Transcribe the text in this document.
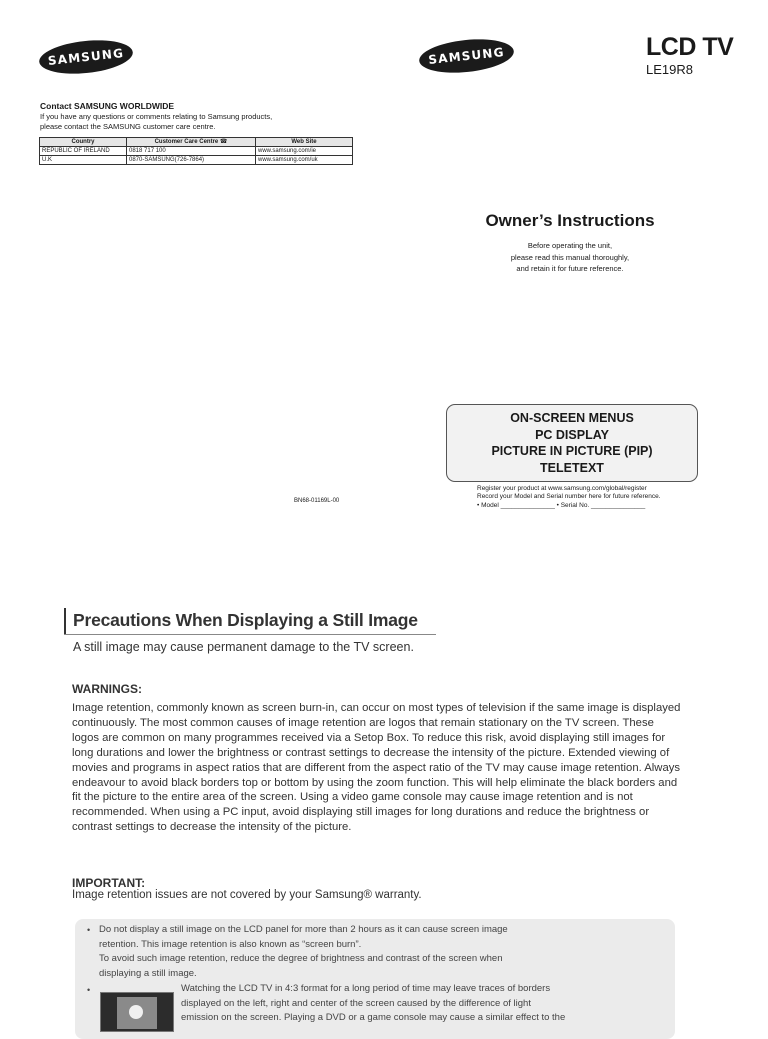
SAMSUNG	SAMSUNG	LCD TV
LE19R8
Contact SAMSUNG WORLDWIDE
If you have any questions or comments relating to Samsung products,
please contact the SAMSUNG customer care centre.
Country	Customer Care Centre ☎	Web Site
REPUBLIC OF IRELAND	0818 717 100	www.samsung.com/ie
U.K	0870-SAMSUNG(726-7864)	www.samsung.com/uk
Owner’s Instructions
Before operating the unit,
please read this manual thoroughly,
and retain it for future reference.
ON-SCREEN MENUS
PC DISPLAY
PICTURE IN PICTURE (PIP)
TELETEXT
Register your product at www.samsung.com/global/register
Record your Model and Serial number here for future reference.
• Model _______________ • Serial No. _______________
BN68-01169L-00
Precautions When Displaying a Still Image
A still image may cause permanent damage to the TV screen.
WARNINGS:
Image retention, commonly known as screen burn-in, can occur on most types of television if the same image is displayed continuously. The most common causes of image retention are logos that remain stationary on the TV screen. These logos are common on many programmes received via a Setop Box. To reduce this risk, avoid displaying still images for long durations and lower the brightness or contrast settings to decrease the intensity of the picture. Extended viewing of movies and programs in aspect ratios that are different from the aspect ratio of the TV may cause image retention. Always endeavour to avoid black borders top or bottom by using the zoom function. This will help eliminate the black borders and fit the picture to the entire area of the screen. Using a video game console may cause image retention and is not recommended. When using a PC input, avoid displaying still images for long durations and reduce the brightness or contrast settings to decrease the intensity of the picture.
IMPORTANT:
Image retention issues are not covered by your Samsung® warranty.
• Do not display a still image on the LCD panel for more than 2 hours as it can cause screen image
retention. This image retention is also known as “screen burn”.
To avoid such image retention, reduce the degree of brightness and contrast of the screen when
displaying a still image.
•	Watching the LCD TV in 4:3 format for a long period of time may leave traces of borders
displayed on the left, right and center of the screen caused by the difference of light
emission on the screen. Playing a DVD or a game console may cause a similar effect to the
